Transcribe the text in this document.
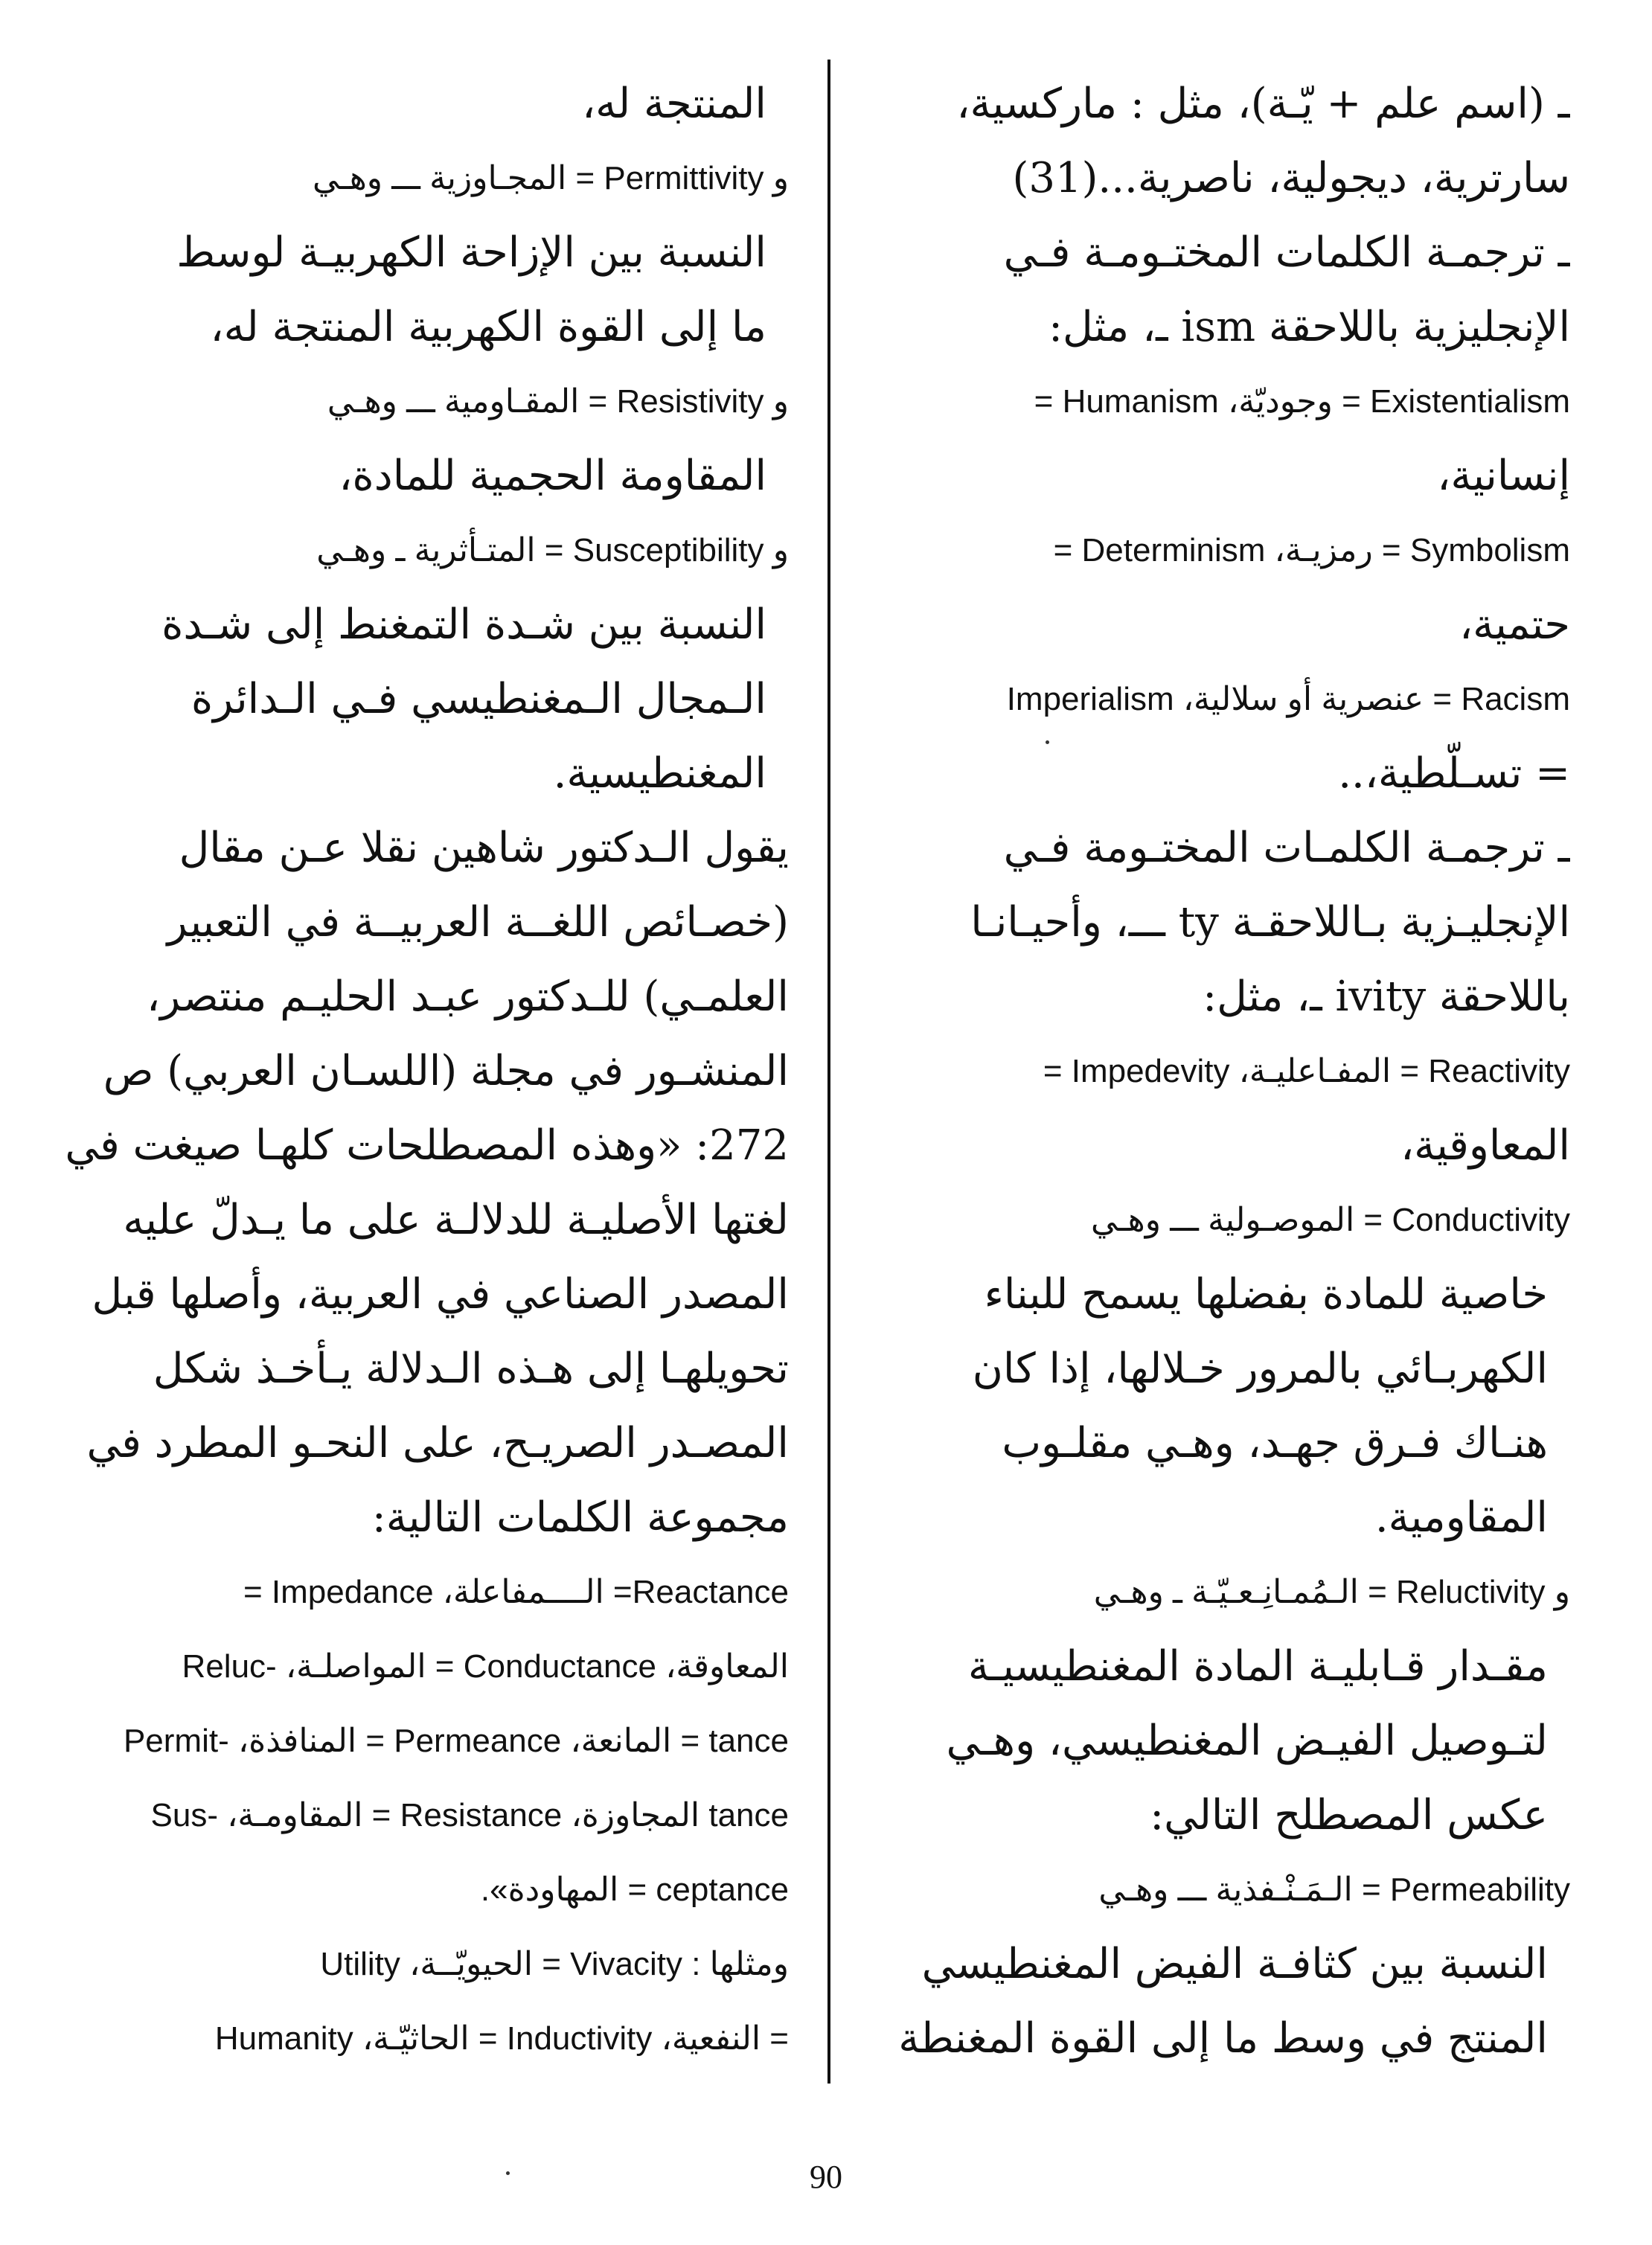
ـ (اسم علم + يّـة)، مثل : ماركسية،
سارترية، ديجولية، ناصرية...(31)
ـ ترجمـة الكلمات المختـومـة فـي
الإنجليزية باللاحقة ism ـ، مثل:
Existentialism = وجوديّة، Humanism =
إنسانية،
Symbolism = رمزيـة، Determinism =
حتمية،
Racism = عنصرية أو سلالية، Imperialism
= تسـلّطية،..
ـ ترجمـة الكلمـات المختـومة فـي
الإنجليـزية بـاللاحقـة ty ـــ، وأحيـانـا
باللاحقة ivity ـ، مثل:
Reactivity = المفـاعليـة، Impedevity =
المعاوقية،
Conductivity = الموصـولية ـــ وهـي
خاصية للمادة بفضلها يسمح للبناء
الكهربـائي بالمرور خـلالها، إذا كان
هنـاك فـرق جهـد، وهـي مقلـوب
المقاومية.
و Reluctivity = الـمُمـانِـعـيّـة ـ وهـي
مقـدار قـابليـة المادة المغنطيسيـة
لتـوصيل الفيـض المغنطيسي، وهـي
عكس المصطلح التالي:
Permeability = الـمَـنْـفذية ـــ وهـي
النسبة بين كثافـة الفيض المغنطيسي
المنتج في وسط ما إلى القوة المغنطة
المنتجة له،
و Permittivity = المجـاوزية ـــ وهـي
النسبة بين الإزاحة الكهربيـة لوسط
ما إلى القوة الكهربية المنتجة له،
و Resistivity = المقـاومية ـــ وهـي
المقاومة الحجمية للمادة،
و Susceptibility = المتـأثرية ـ وهـي
النسبة بين شـدة التمغنط إلى شـدة
الـمجال الـمغنطيسي فـي الـدائرة
المغنطيسية.
يقول الـدكتور شاهين نقلا عـن مقال
(خصـائص اللغــة العربيــة في التعبير
العلمـي) للـدكتور عبـد الحليـم منتصر،
المنشـور في مجلة (اللسـان العربي) ص
272: «وهذه المصطلحات كلهـا صيغت في
لغتها الأصليـة للدلالـة على ما يـدلّ عليه
المصدر الصناعي في العربية، وأصلها قبل
تحويلهـا إلى هـذه الـدلالة يـأخـذ شكل
المصـدر الصريـح، على النحـو المطرد في
مجموعة الكلمات التالية:
Reactance= الــــمفاعلة، Impedance =
المعاوقة، Conductance = المواصلـة، -Reluc
tance = المانعة، Permeance = المنافذة، -Permit
tance المجاوزة، Resistance = المقاومـة، -Sus
ceptance = المهاودة».
ومثلها : Vivacity = الحيويّــة، Utility
= النفعية، Inductivity = الحاثيّـة، Humanity
90
